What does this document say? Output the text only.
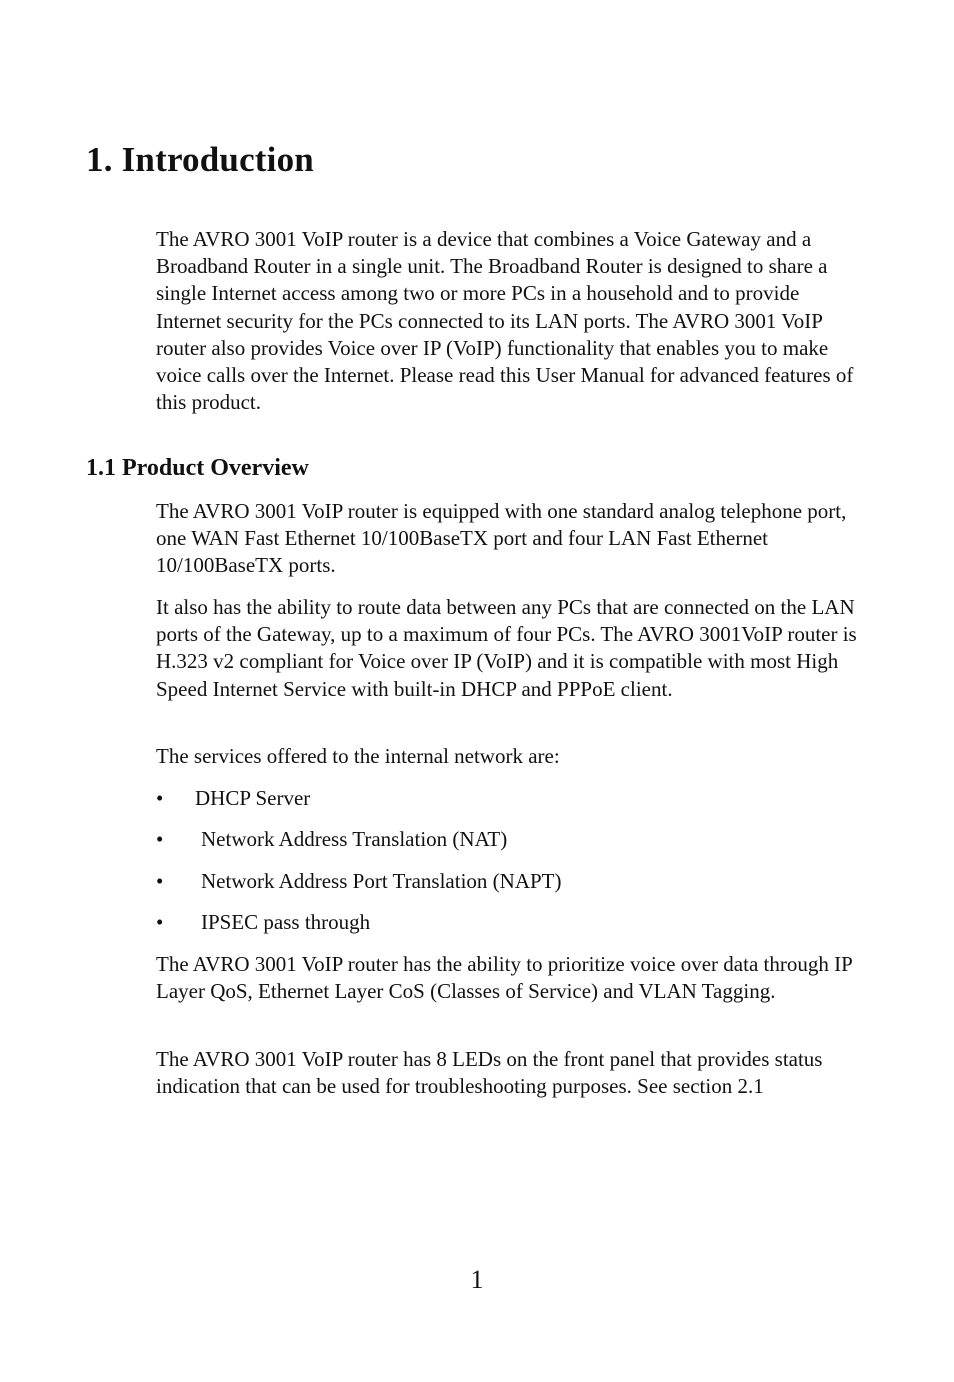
1. Introduction

The AVRO 3001 VoIP router is a device that combines a Voice Gateway and a Broadband Router in a single unit. The Broadband Router is designed to share a single Internet access among two or more PCs in a household and to provide Internet security for the PCs connected to its LAN ports. The AVRO 3001 VoIP router also provides Voice over IP (VoIP) functionality that enables you to make voice calls over the Internet. Please read this User Manual for advanced features of this product.

1.1 Product Overview

The AVRO 3001 VoIP router is equipped with one standard analog telephone port, one WAN Fast Ethernet 10/100BaseTX port and four LAN Fast Ethernet 10/100BaseTX ports.

It also has the ability to route data between any PCs that are connected on the LAN ports of the Gateway, up to a maximum of four PCs. The AVRO 3001VoIP router is H.323 v2 compliant for Voice over IP (VoIP) and it is compatible with most High Speed Internet Service with built-in DHCP and PPPoE client.

The services offered to the internal network are:

• DHCP Server
• Network Address Translation (NAT)
• Network Address Port Translation (NAPT)
• IPSEC pass through

The AVRO 3001 VoIP router has the ability to prioritize voice over data through IP Layer QoS, Ethernet Layer CoS (Classes of Service) and VLAN Tagging.

The AVRO 3001 VoIP router has 8 LEDs on the front panel that provides status indication that can be used for troubleshooting purposes. See section 2.1

1
